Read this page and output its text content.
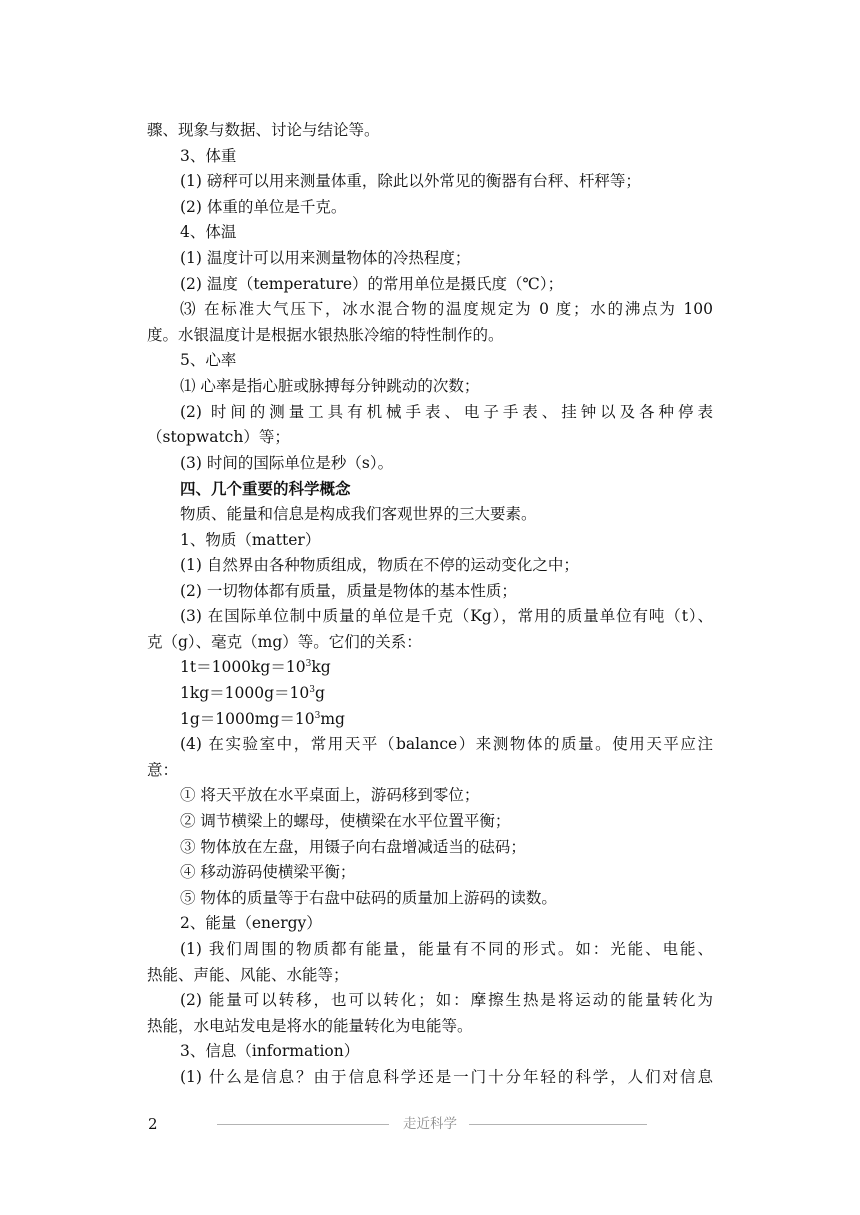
骤、现象与数据、讨论与结论等。
3、体重
(1) 磅秤可以用来测量体重，除此以外常见的衡器有台秤、杆秤等；
(2) 体重的单位是千克。
4、体温
(1) 温度计可以用来测量物体的冷热程度；
(2) 温度（temperature）的常用单位是摄氏度（℃）；
⑶ 在标准大气压下，冰水混合物的温度规定为 0 度；水的沸点为 100
度。水银温度计是根据水银热胀冷缩的特性制作的。
5、心率
⑴ 心率是指心脏或脉搏每分钟跳动的次数；
(2) 时间的测量工具有机械手表、电子手表、挂钟以及各种停表
（stopwatch）等；
(3) 时间的国际单位是秒（s）。
四、几个重要的科学概念
物质、能量和信息是构成我们客观世界的三大要素。
1、物质（matter）
(1) 自然界由各种物质组成，物质在不停的运动变化之中；
(2) 一切物体都有质量，质量是物体的基本性质；
(3) 在国际单位制中质量的单位是千克（Kg），常用的质量单位有吨（t）、
克（g）、毫克（mg）等。它们的关系：
$1t=1000kg=10^3kg$
$1kg=1000g=10^3g$
$1g=1000mg=10^3mg$
(4) 在实验室中，常用天平（balance）来测物体的质量。使用天平应注
意：
① 将天平放在水平桌面上，游码移到零位；
② 调节横梁上的螺母，使横梁在水平位置平衡；
③ 物体放在左盘，用镊子向右盘增减适当的砝码；
④ 移动游码使横梁平衡；
⑤ 物体的质量等于右盘中砝码的质量加上游码的读数。
2、能量（energy）
(1) 我们周围的物质都有能量，能量有不同的形式。如：光能、电能、
热能、声能、风能、水能等；
(2) 能量可以转移，也可以转化；如：摩擦生热是将运动的能量转化为
热能，水电站发电是将水的能量转化为电能等。
3、信息（information）
(1) 什么是信息？由于信息科学还是一门十分年轻的科学，人们对信息
2	走近科学
